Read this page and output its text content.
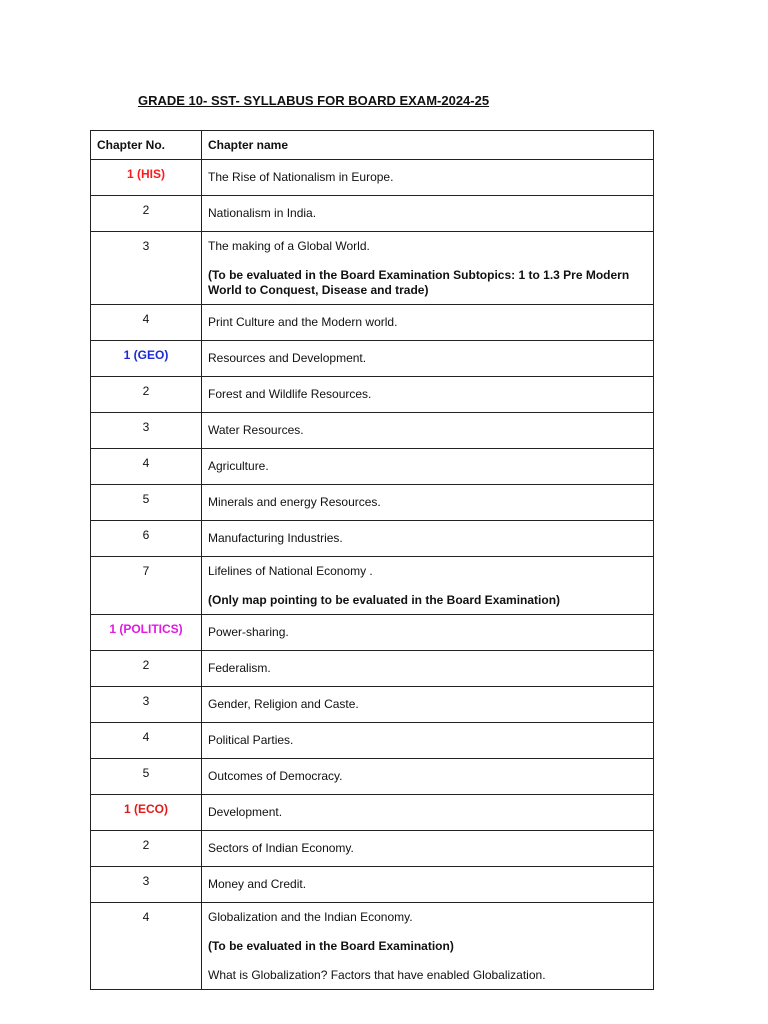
GRADE 10- SST- SYLLABUS FOR BOARD EXAM-2024-25
Chapter No.	Chapter name
1 (HIS)	The Rise of Nationalism in Europe.

2	Nationalism in India.

3	The making of a Global World.
(To be evaluated in the Board Examination Subtopics: 1 to 1.3 Pre Modern World to Conquest, Disease and trade)

4	Print Culture and the Modern world.

1 (GEO)	Resources and Development.

2	Forest and Wildlife Resources.

3	Water Resources.

4	Agriculture.

5	Minerals and energy Resources.

6	Manufacturing Industries.

7	Lifelines of National Economy .
(Only map pointing to be evaluated in the Board Examination)

1 (POLITICS)	Power-sharing.

2	Federalism.

3	Gender, Religion and Caste.

4	Political Parties.

5	Outcomes of Democracy.

1 (ECO)	Development.

2	Sectors of Indian Economy.

3	Money and Credit.

4	Globalization and the Indian Economy.
(To be evaluated in the Board Examination)
What is Globalization? Factors that have enabled Globalization.
